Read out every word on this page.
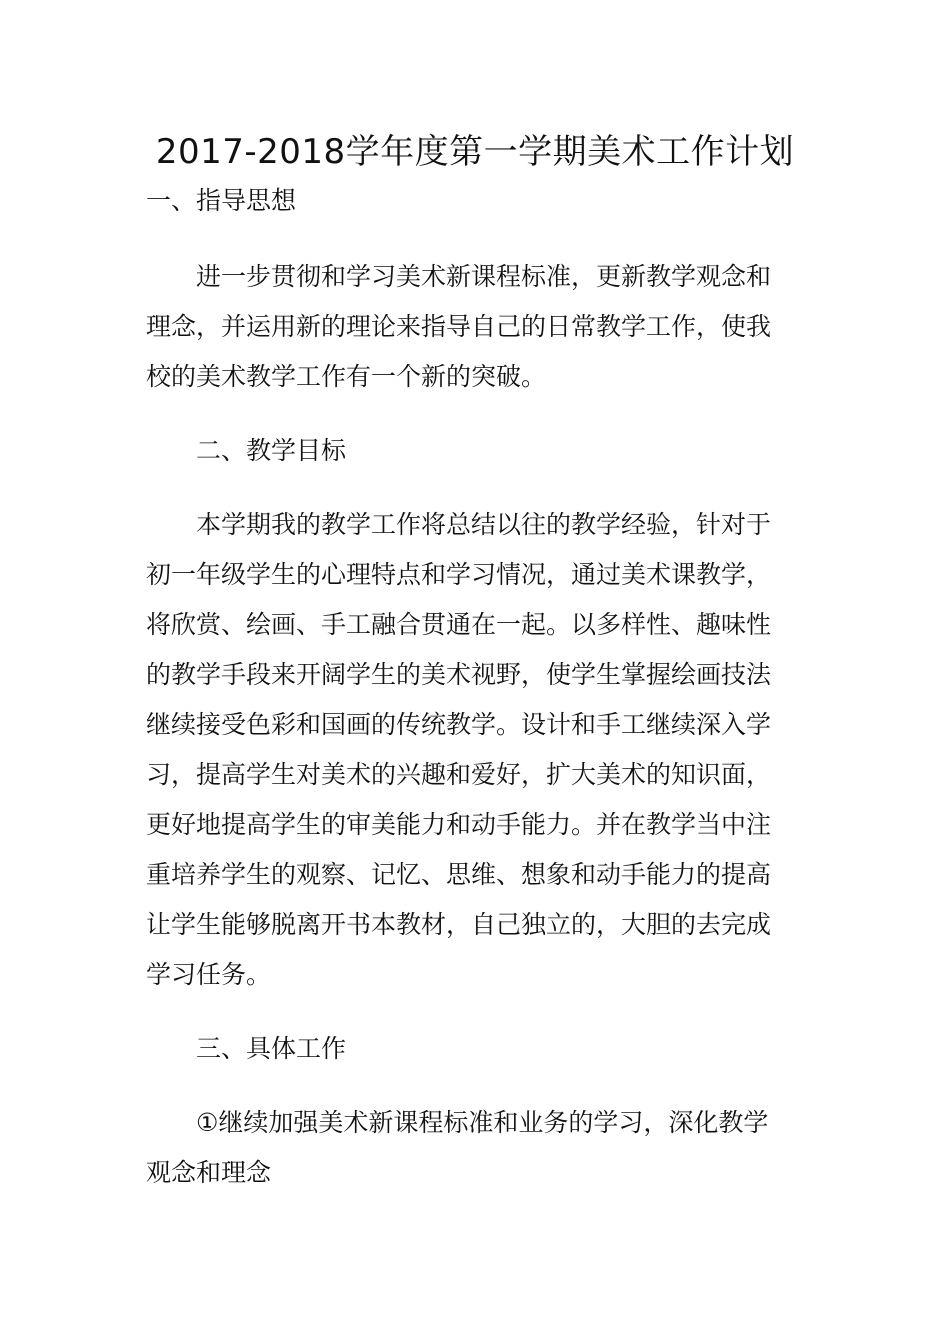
2017-2018学年度第一学期美术工作计划
一、指导思想
进一步贯彻和学习美术新课程标准，更新教学观念和
理念，并运用新的理论来指导自己的日常教学工作，使我
校的美术教学工作有一个新的突破。
二、教学目标
本学期我的教学工作将总结以往的教学经验，针对于
初一年级学生的心理特点和学习情况，通过美术课教学，
将欣赏、绘画、手工融合贯通在一起。以多样性、趣味性
的教学手段来开阔学生的美术视野，使学生掌握绘画技法
继续接受色彩和国画的传统教学。设计和手工继续深入学
习，提高学生对美术的兴趣和爱好，扩大美术的知识面，
更好地提高学生的审美能力和动手能力。并在教学当中注
重培养学生的观察、记忆、思维、想象和动手能力的提高
让学生能够脱离开书本教材，自己独立的，大胆的去完成
学习任务。
三、具体工作
①继续加强美术新课程标准和业务的学习，深化教学
观念和理念
